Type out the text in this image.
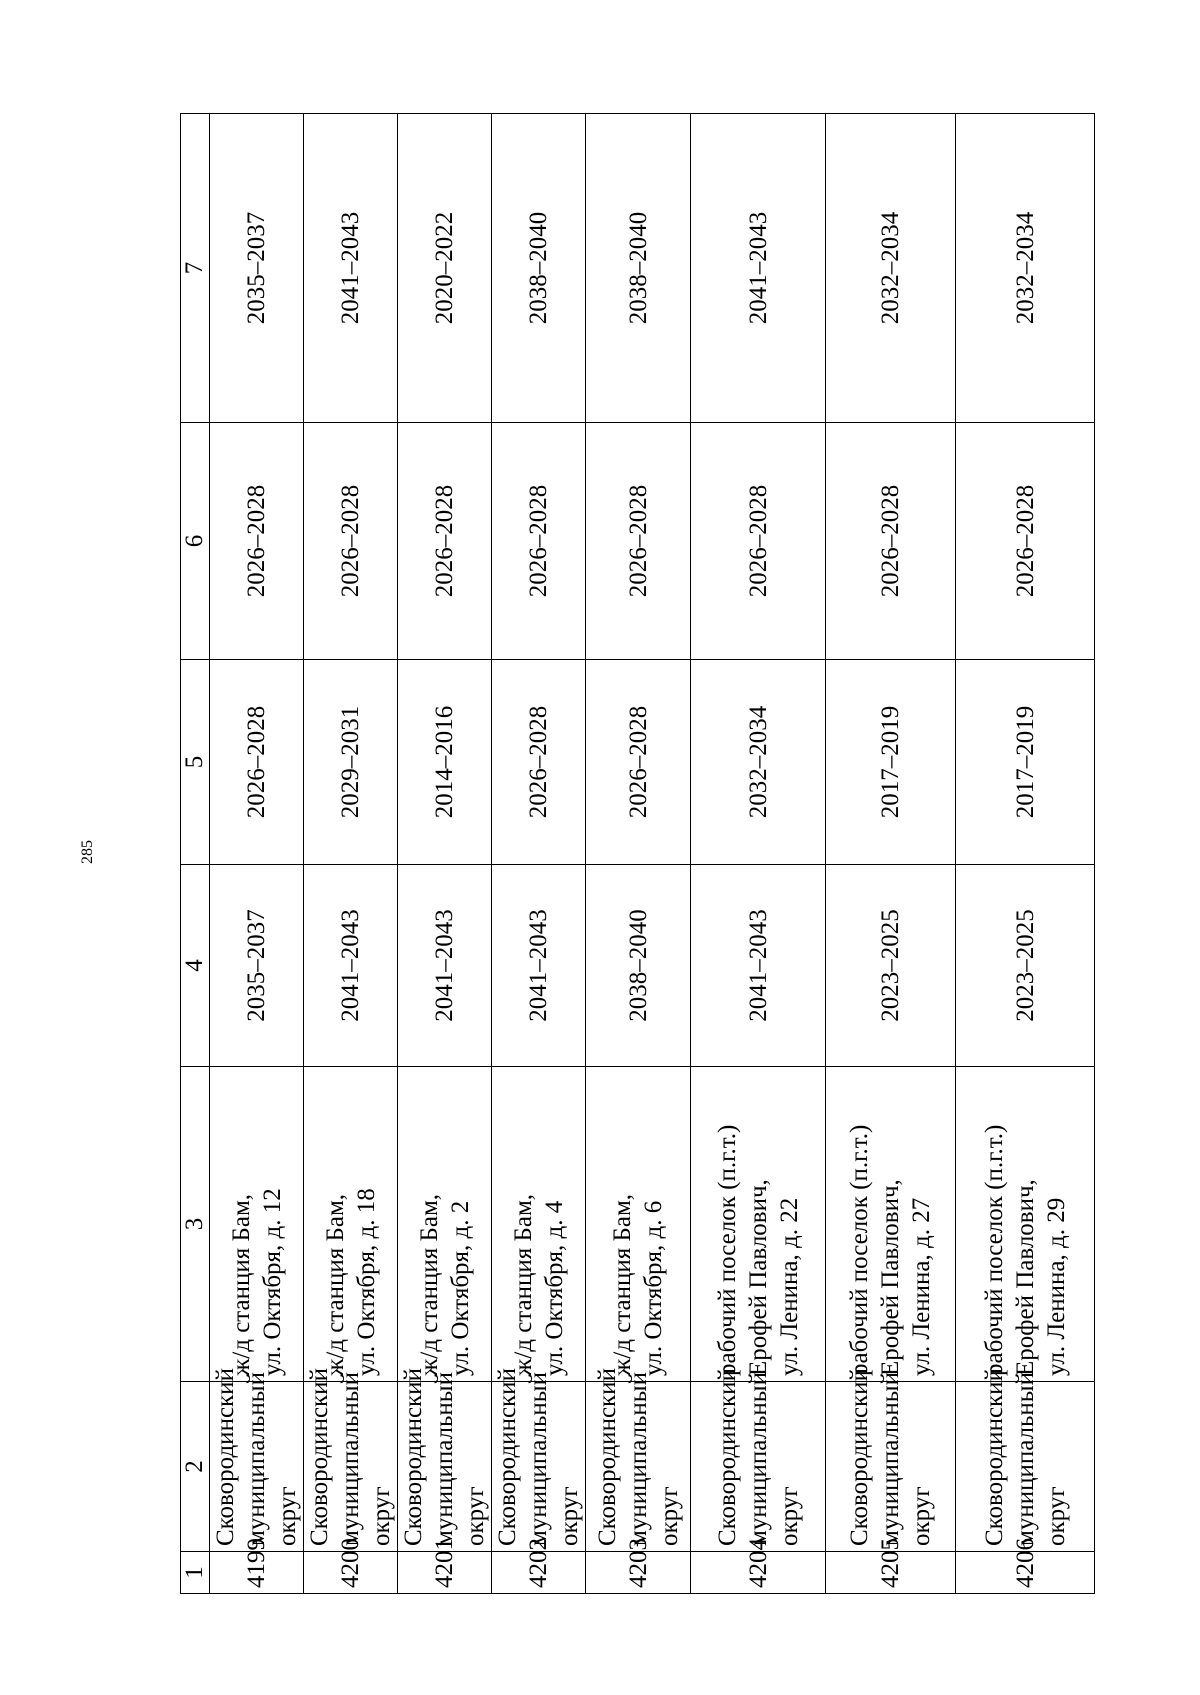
285
1	2	3	4	5	6	7
4199	Сковородинский муниципальный округ	ж/д станция Бам, ул. Октября, д. 12	2035–2037	2026–2028	2026–2028	2035–2037
4200	Сковородинский муниципальный округ	ж/д станция Бам, ул. Октября, д. 18	2041–2043	2029–2031	2026–2028	2041–2043
4201	Сковородинский муниципальный округ	ж/д станция Бам, ул. Октября, д. 2	2041–2043	2014–2016	2026–2028	2020–2022
4202	Сковородинский муниципальный округ	ж/д станция Бам, ул. Октября, д. 4	2041–2043	2026–2028	2026–2028	2038–2040
4203	Сковородинский муниципальный округ	ж/д станция Бам, ул. Октября, д. 6	2038–2040	2026–2028	2026–2028	2038–2040
4204	Сковородинский муниципальный округ	рабочий поселок (п.г.т.) Ерофей Павлович, ул. Ленина, д. 22	2041–2043	2032–2034	2026–2028	2041–2043
4205	Сковородинский муниципальный округ	рабочий поселок (п.г.т.) Ерофей Павлович, ул. Ленина, д. 27	2023–2025	2017–2019	2026–2028	2032–2034
4206	Сковородинский муниципальный округ	рабочий поселок (п.г.т.) Ерофей Павлович, ул. Ленина, д. 29	2023–2025	2017–2019	2026–2028	2032–2034
